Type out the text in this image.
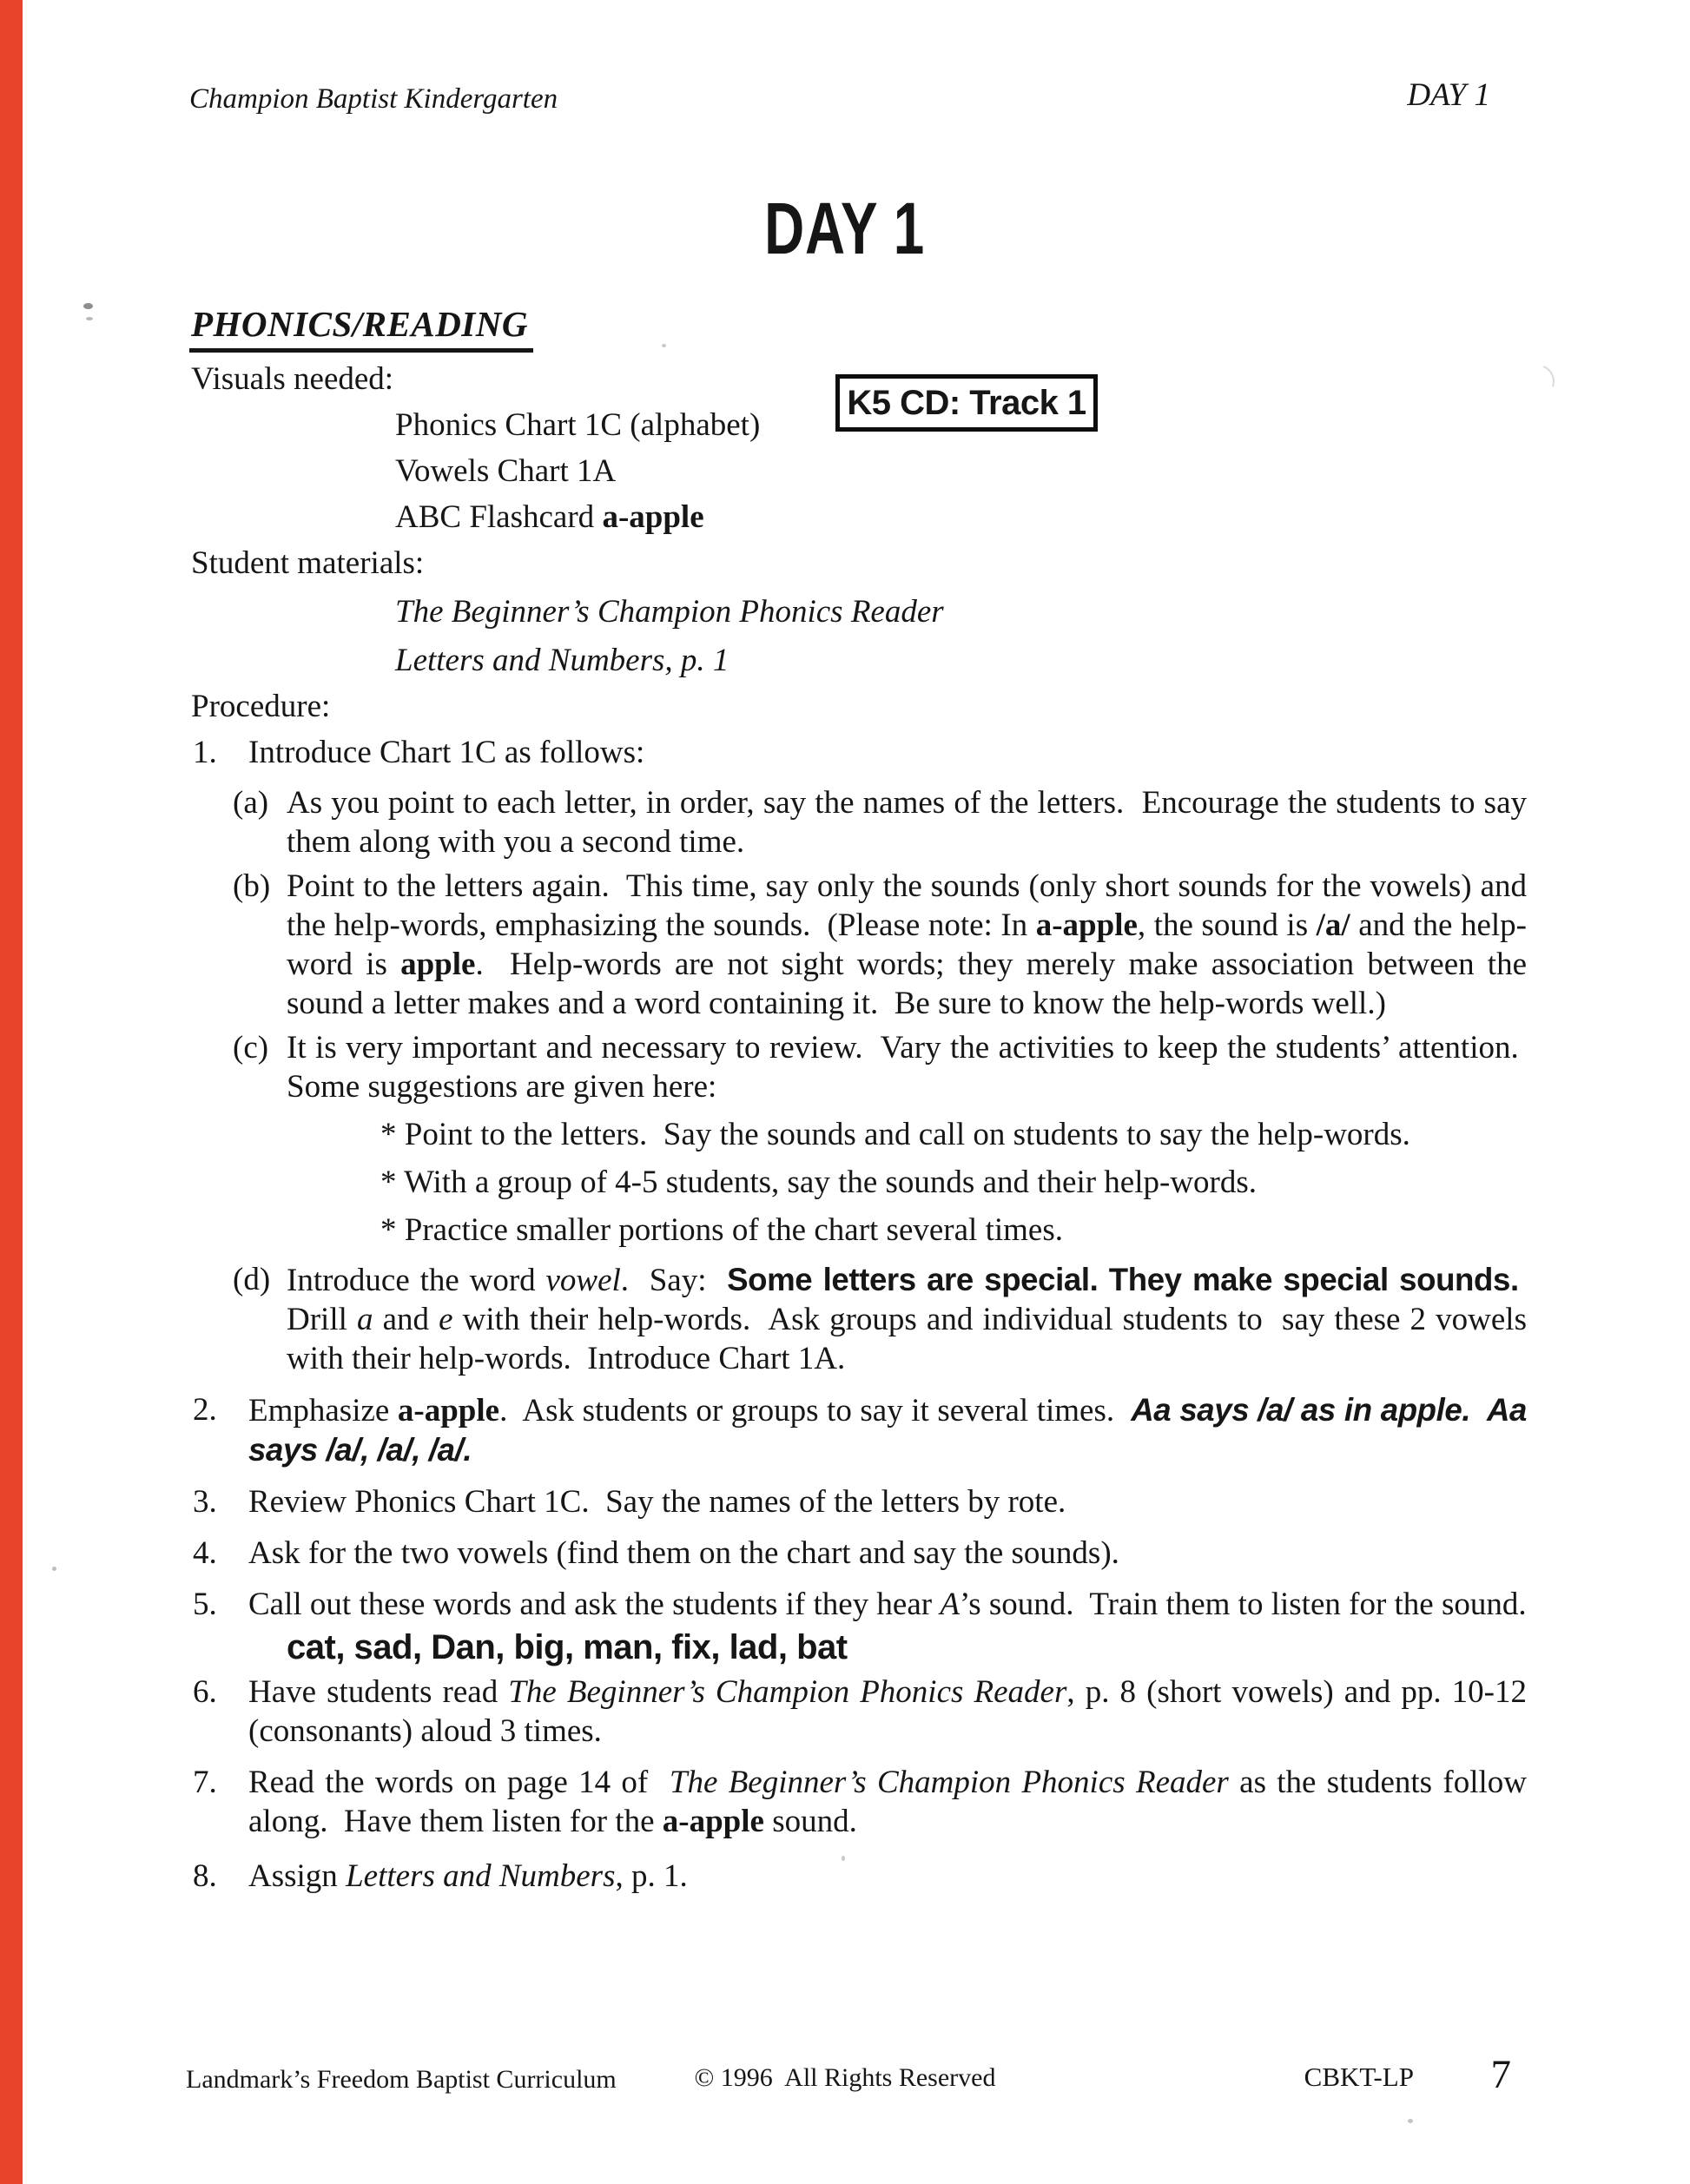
Champion Baptist Kindergarten	DAY 1
DAY 1
K5 CD: Track 1
PHONICS/READING
Visuals needed:
Phonics Chart 1C (alphabet)
Vowels Chart 1A
ABC Flashcard a-apple
Student materials:
The Beginner’s Champion Phonics Reader
Letters and Numbers, p. 1
Procedure:
1. Introduce Chart 1C as follows:
(a) As you point to each letter, in order, say the names of the letters.  Encourage the students to say them along with you a second time.
(b) Point to the letters again.  This time, say only the sounds (only short sounds for the vowels) and the help-words, emphasizing the sounds.  (Please note: In a-apple, the sound is /a/ and the help-word is apple.  Help-words are not sight words; they merely make association between the sound a letter makes and a word containing it.  Be sure to know the help-words well.)
(c) It is very important and necessary to review.  Vary the activities to keep the students’ attention.  Some suggestions are given here:
* Point to the letters.  Say the sounds and call on students to say the help-words.
* With a group of 4-5 students, say the sounds and their help-words.
* Practice smaller portions of the chart several times.
(d) Introduce the word vowel.  Say:  Some letters are special. They make special sounds.  Drill a and e with their help-words.  Ask groups and individual students to  say these 2 vowels with their help-words.  Introduce Chart 1A.
2. Emphasize a-apple.  Ask students or groups to say it several times.  Aa says /a/ as in apple.  Aa says /a/, /a/, /a/.
3. Review Phonics Chart 1C.  Say the names of the letters by rote.
4. Ask for the two vowels (find them on the chart and say the sounds).
5. Call out these words and ask the students if they hear A’s sound.  Train them to listen for the sound.
cat, sad, Dan, big, man, fix, lad, bat
6. Have students read The Beginner’s Champion Phonics Reader, p. 8 (short vowels) and pp. 10-12 (consonants) aloud 3 times.
7. Read the words on page 14 of  The Beginner’s Champion Phonics Reader as the students follow along.  Have them listen for the a-apple sound.
8. Assign Letters and Numbers, p. 1.
Landmark’s Freedom Baptist Curriculum	© 1996  All Rights Reserved	CBKT-LP 7
